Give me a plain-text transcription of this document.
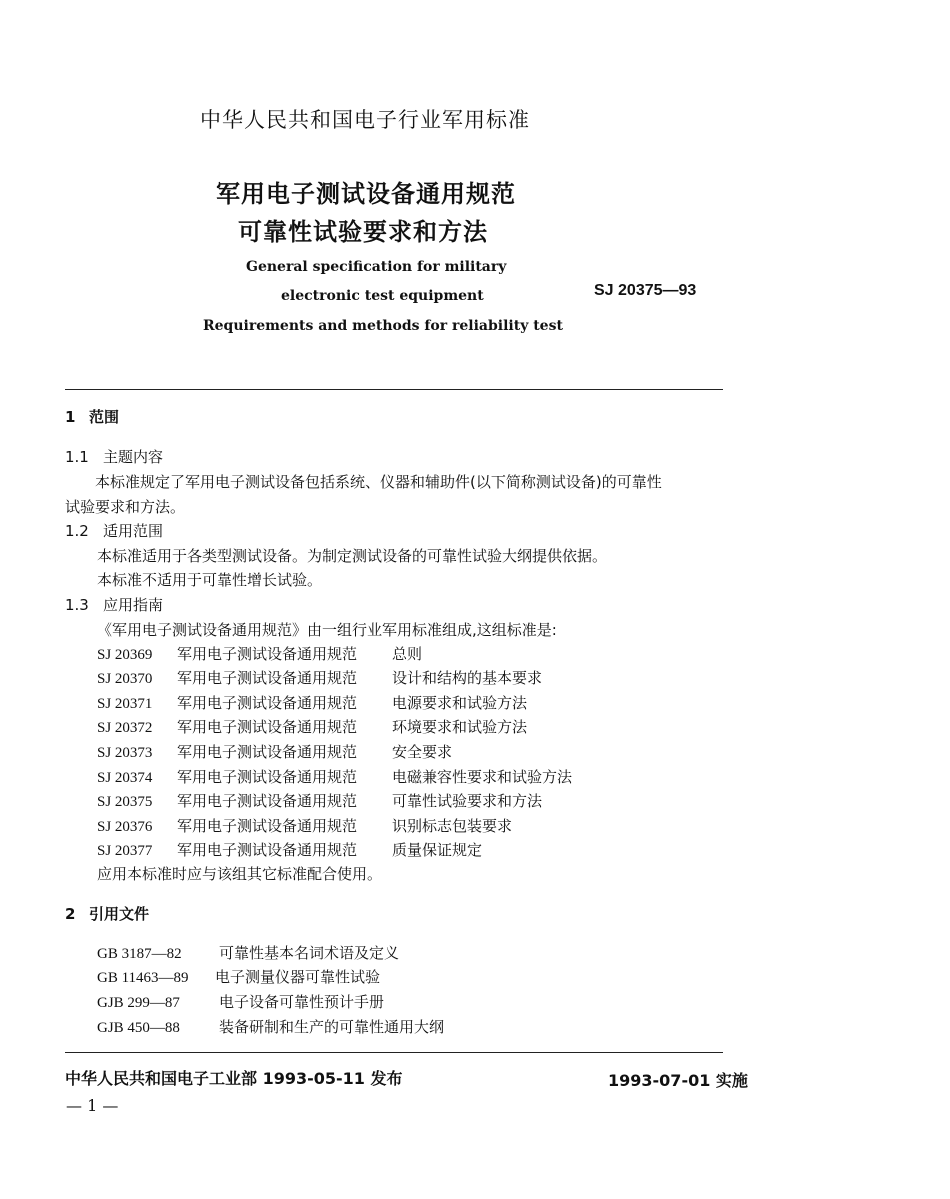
中华人民共和国电子行业军用标准
军用电子测试设备通用规范
可靠性试验要求和方法
General specification for military
electronic test equipment
Requirements and methods for reliability test
SJ 20375—93
1 范围
1.1 主题内容
本标准规定了军用电子测试设备包括系统、仪器和辅助件(以下简称测试设备)的可靠性
试验要求和方法。
1.2 适用范围
本标准适用于各类型测试设备。为制定测试设备的可靠性试验大纲提供依据。
本标准不适用于可靠性增长试验。
1.3 应用指南
《军用电子测试设备通用规范》由一组行业军用标准组成,这组标准是:
SJ 20369 军用电子测试设备通用规范 总则
SJ 20370 军用电子测试设备通用规范 设计和结构的基本要求
SJ 20371 军用电子测试设备通用规范 电源要求和试验方法
SJ 20372 军用电子测试设备通用规范 环境要求和试验方法
SJ 20373 军用电子测试设备通用规范 安全要求
SJ 20374 军用电子测试设备通用规范 电磁兼容性要求和试验方法
SJ 20375 军用电子测试设备通用规范 可靠性试验要求和方法
SJ 20376 军用电子测试设备通用规范 识别标志包装要求
SJ 20377 军用电子测试设备通用规范 质量保证规定
应用本标准时应与该组其它标准配合使用。
2 引用文件
GB 3187—82 可靠性基本名词术语及定义
GB 11463—89 电子测量仪器可靠性试验
GJB 299—87	电子设备可靠性预计手册
GJB 450—88	装备研制和生产的可靠性通用大纲
中华人民共和国电子工业部 1993-05-11 发布	1993-07-01 实施
— 1 —
